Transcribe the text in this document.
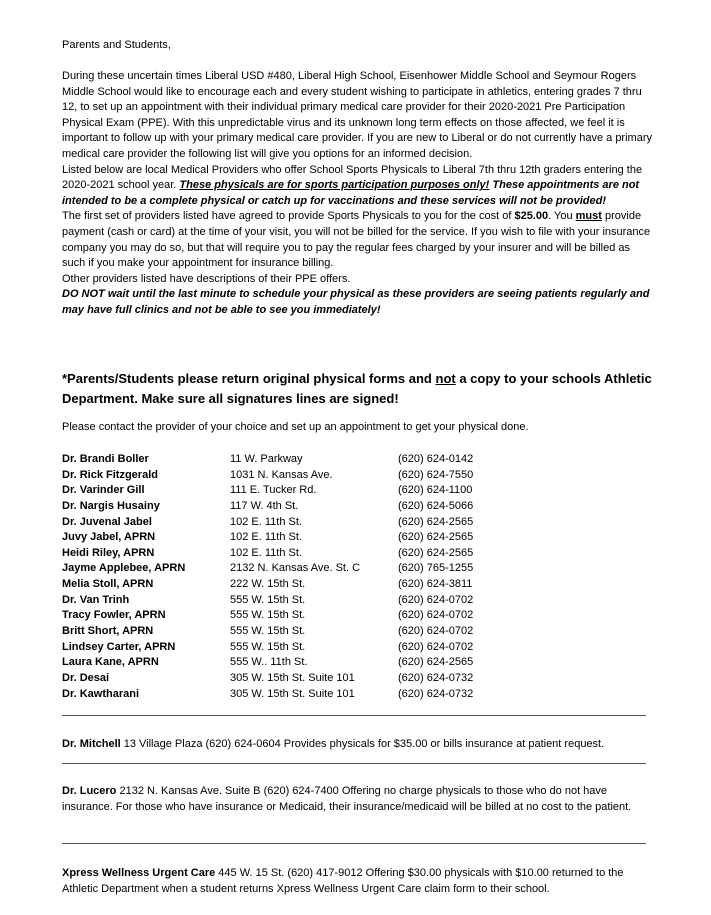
Parents and Students,

During these uncertain times Liberal USD #480, Liberal High School, Eisenhower Middle School and Seymour Rogers Middle School would like to encourage each and every student wishing to participate in athletics, entering grades 7 thru 12, to set up an appointment with their individual primary medical care provider for their 2020-2021 Pre Participation Physical Exam (PPE). With this unpredictable virus and its unknown long term effects on those affected, we feel it is important to follow up with your primary medical care provider. If you are new to Liberal or do not currently have a primary medical care provider the following list will give you options for an informed decision.

Listed below are local Medical Providers who offer School Sports Physicals to Liberal 7th thru 12th graders entering the 2020-2021 school year. These physicals are for sports participation purposes only! These appointments are not intended to be a complete physical or catch up for vaccinations and these services will not be provided!

The first set of providers listed have agreed to provide Sports Physicals to you for the cost of $25.00. You must provide payment (cash or card) at the time of your visit, you will not be billed for the service. If you wish to file with your insurance company you may do so, but that will require you to pay the regular fees charged by your insurer and will be billed as such if you make your appointment for insurance billing.

Other providers listed have descriptions of their PPE offers.

DO NOT wait until the last minute to schedule your physical as these providers are seeing patients regularly and may have full clinics and not be able to see you immediately!

*Parents/Students please return original physical forms and not a copy to your schools Athletic Department. Make sure all signatures lines are signed!

Please contact the provider of your choice and set up an appointment to get your physical done.

Dr. Brandi Boller	11 W. Parkway	(620) 624-0142
Dr. Rick Fitzgerald	1031 N. Kansas Ave.	(620) 624-7550
Dr. Varinder Gill	111 E. Tucker Rd.	(620) 624-1100
Dr. Nargis Husainy	117 W. 4th St.	(620) 624-5066
Dr. Juvenal Jabel	102 E. 11th St.	(620) 624-2565
Juvy Jabel, APRN	102 E. 11th St.	(620) 624-2565
Heidi Riley, APRN	102 E. 11th St.	(620) 624-2565
Jayme Applebee, APRN	2132 N. Kansas Ave. St. C	(620) 765-1255
Melia Stoll, APRN	222 W. 15th St.	(620) 624-3811
Dr. Van Trinh	555 W. 15th St.	(620) 624-0702
Tracy Fowler, APRN	555 W. 15th St.	(620) 624-0702
Britt Short, APRN	555 W. 15th St.	(620) 624-0702
Lindsey Carter, APRN	555 W. 15th St.	(620) 624-0702
Laura Kane, APRN	555 W.. 11th St.	(620) 624-2565
Dr. Desai	305 W. 15th St. Suite 101	(620) 624-0732
Dr. Kawtharani	305 W. 15th St. Suite 101	(620) 624-0732

Dr. Mitchell 13 Village Plaza (620) 624-0604 Provides physicals for $35.00 or bills insurance at patient request.

Dr. Lucero 2132 N. Kansas Ave. Suite B (620) 624-7400 Offering no charge physicals to those who do not have insurance. For those who have insurance or Medicaid, their insurance/medicaid will be billed at no cost to the patient.

Xpress Wellness Urgent Care 445 W. 15 St. (620) 417-9012 Offering $30.00 physicals with $10.00 returned to the Athletic Department when a student returns Xpress Wellness Urgent Care claim form to their school.
